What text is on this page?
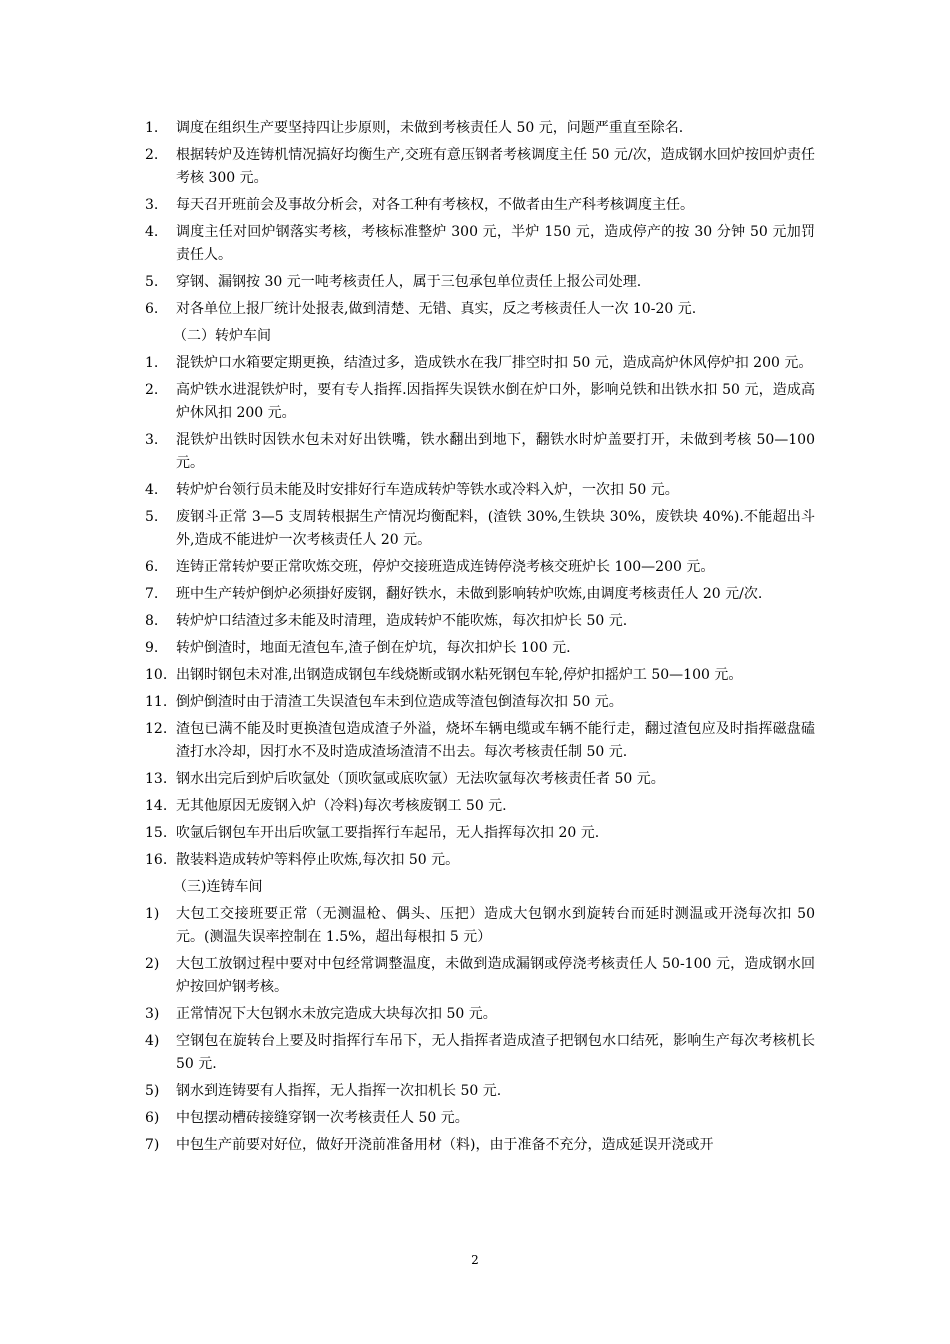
1.	调度在组织生产要坚持四让步原则，未做到考核责任人 50 元，问题严重直至除名.
2.	根据转炉及连铸机情况搞好均衡生产,交班有意压钢者考核调度主任 50 元/次，造成钢水回炉按回炉责任考核 300 元。
3.	每天召开班前会及事故分析会，对各工种有考核权，不做者由生产科考核调度主任。
4.	调度主任对回炉钢落实考核，考核标准整炉 300 元，半炉 150 元，造成停产的按 30 分钟 50 元加罚责任人。
5.	穿钢、漏钢按 30 元一吨考核责任人，属于三包承包单位责任上报公司处理.
6.	对各单位上报厂统计处报表,做到清楚、无错、真实，反之考核责任人一次 10-20 元.
（二）转炉车间
1.	混铁炉口水箱要定期更换，结渣过多，造成铁水在我厂排空时扣 50 元，造成高炉休风停炉扣 200 元。
2.	高炉铁水进混铁炉时，要有专人指挥.因指挥失误铁水倒在炉口外，影响兑铁和出铁水扣 50 元，造成高炉休风扣 200 元。
3.	混铁炉出铁时因铁水包未对好出铁嘴，铁水翻出到地下，翻铁水时炉盖要打开，未做到考核 50—100 元。
4.	转炉炉台领行员未能及时安排好行车造成转炉等铁水或冷料入炉，一次扣 50 元。
5.	废钢斗正常 3—5 支周转根据生产情况均衡配料，(渣铁 30%,生铁块 30%，废铁块 40%).不能超出斗外,造成不能进炉一次考核责任人 20 元。
6.	连铸正常转炉要正常吹炼交班，停炉交接班造成连铸停浇考核交班炉长 100—200 元。
7.	班中生产转炉倒炉必须掛好废钢，翻好铁水，未做到影响转炉吹炼,由调度考核责任人 20 元/次.
8.	转炉炉口结渣过多未能及时清理，造成转炉不能吹炼，每次扣炉长 50 元.
9.	转炉倒渣时，地面无渣包车,渣子倒在炉坑，每次扣炉长 100 元.
10. 出钢时钢包未对准,出钢造成钢包车线烧断或钢水粘死钢包车轮,停炉扣摇炉工 50—100 元。
11. 倒炉倒渣时由于清渣工失误渣包车未到位造成等渣包倒渣每次扣 50 元。
12. 渣包已满不能及时更换渣包造成渣子外溢，烧坏车辆电缆或车辆不能行走，翻过渣包应及时指挥磁盘磕渣打水冷却，因打水不及时造成渣场渣清不出去。每次考核责任制 50 元.
13. 钢水出完后到炉后吹氩处（顶吹氩或底吹氩）无法吹氩每次考核责任者 50 元。
14. 无其他原因无废钢入炉（冷料)每次考核废钢工 50 元.
15. 吹氩后钢包车开出后吹氩工要指挥行车起吊，无人指挥每次扣 20 元.
16. 散装料造成转炉等料停止吹炼,每次扣 50 元。
（三)连铸车间
1)	大包工交接班要正常（无测温枪、偶头、压把）造成大包钢水到旋转台而延时测温或开浇每次扣 50 元。(测温失误率控制在 1.5%，超出每根扣 5 元）
2)	大包工放钢过程中要对中包经常调整温度，未做到造成漏钢或停浇考核责任人 50-100 元，造成钢水回炉按回炉钢考核。
3)	正常情况下大包钢水未放完造成大块每次扣 50 元。
4)	空钢包在旋转台上要及时指挥行车吊下，无人指挥者造成渣子把钢包水口结死，影响生产每次考核机长 50 元.
5)	钢水到连铸要有人指挥，无人指挥一次扣机长 50 元.
6)	中包摆动槽砖接缝穿钢一次考核责任人 50 元。
7)	中包生产前要对好位，做好开浇前准备用材（料)，由于准备不充分，造成延误开浇或开
2
